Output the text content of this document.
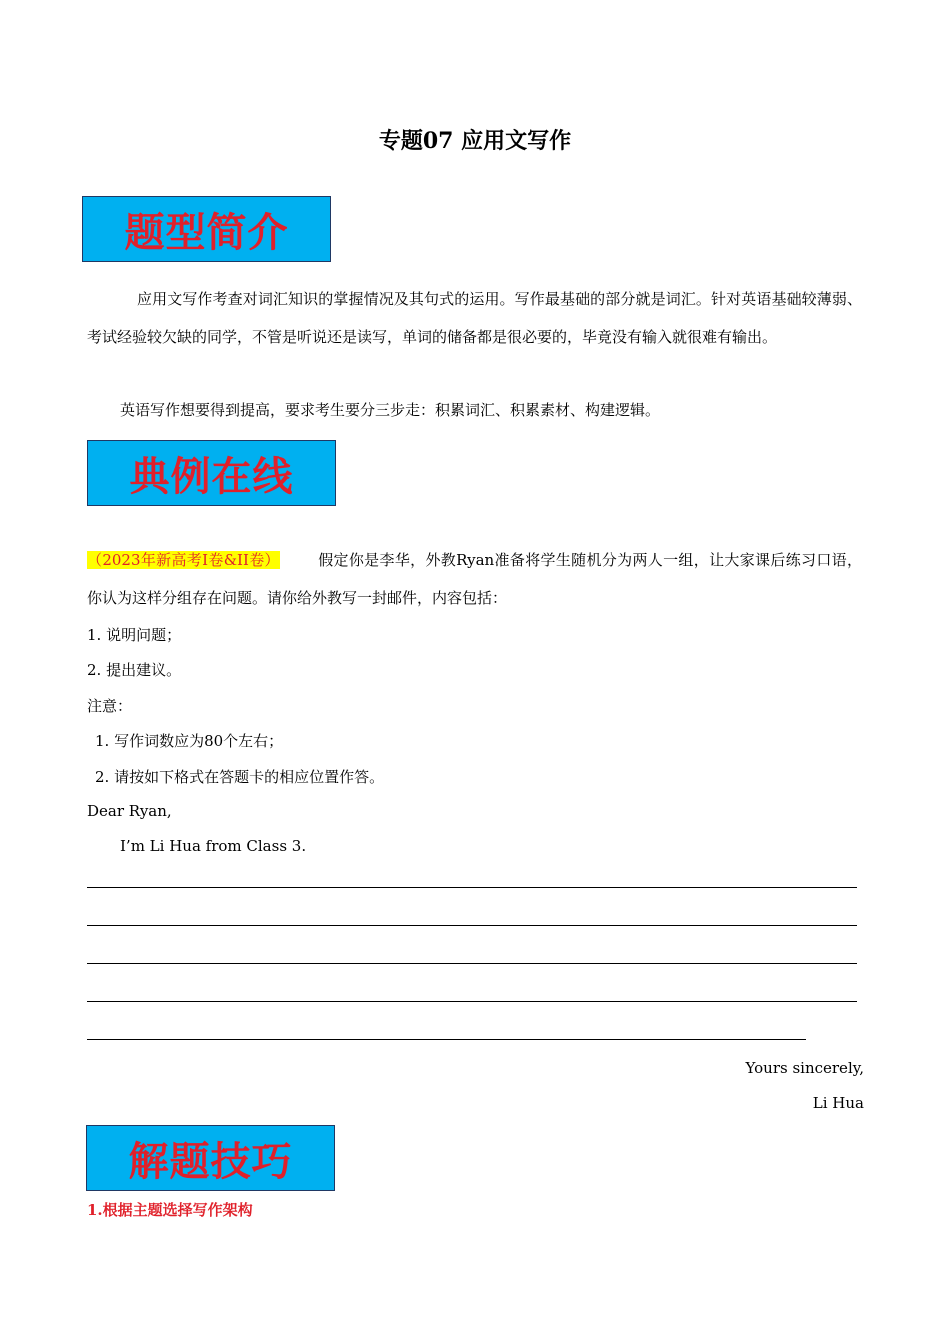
专题07 应用文写作
题型简介
应用文写作考查对词汇知识的掌握情况及其句式的运用。写作最基础的部分就是词汇。针对英语基础较薄弱、考试经验较欠缺的同学，不管是听说还是读写，单词的储备都是很必要的，毕竟没有输入就很难有输出。
英语写作想要得到提高，要求考生要分三步走：积累词汇、积累素材、构建逻辑。
典例在线
（2023年新高考I卷&II卷）	假定你是李华，外教Ryan准备将学生随机分为两人一组，让大家课后练习口语，你认为这样分组存在问题。请你给外教写一封邮件，内容包括：
1. 说明问题；
2. 提出建议。
注意：
1. 写作词数应为80个左右；
2. 请按如下格式在答题卡的相应位置作答。
Dear Ryan,
I’m Li Hua from Class 3.
Yours sincerely,
Li Hua
解题技巧
1.根据主题选择写作架构
